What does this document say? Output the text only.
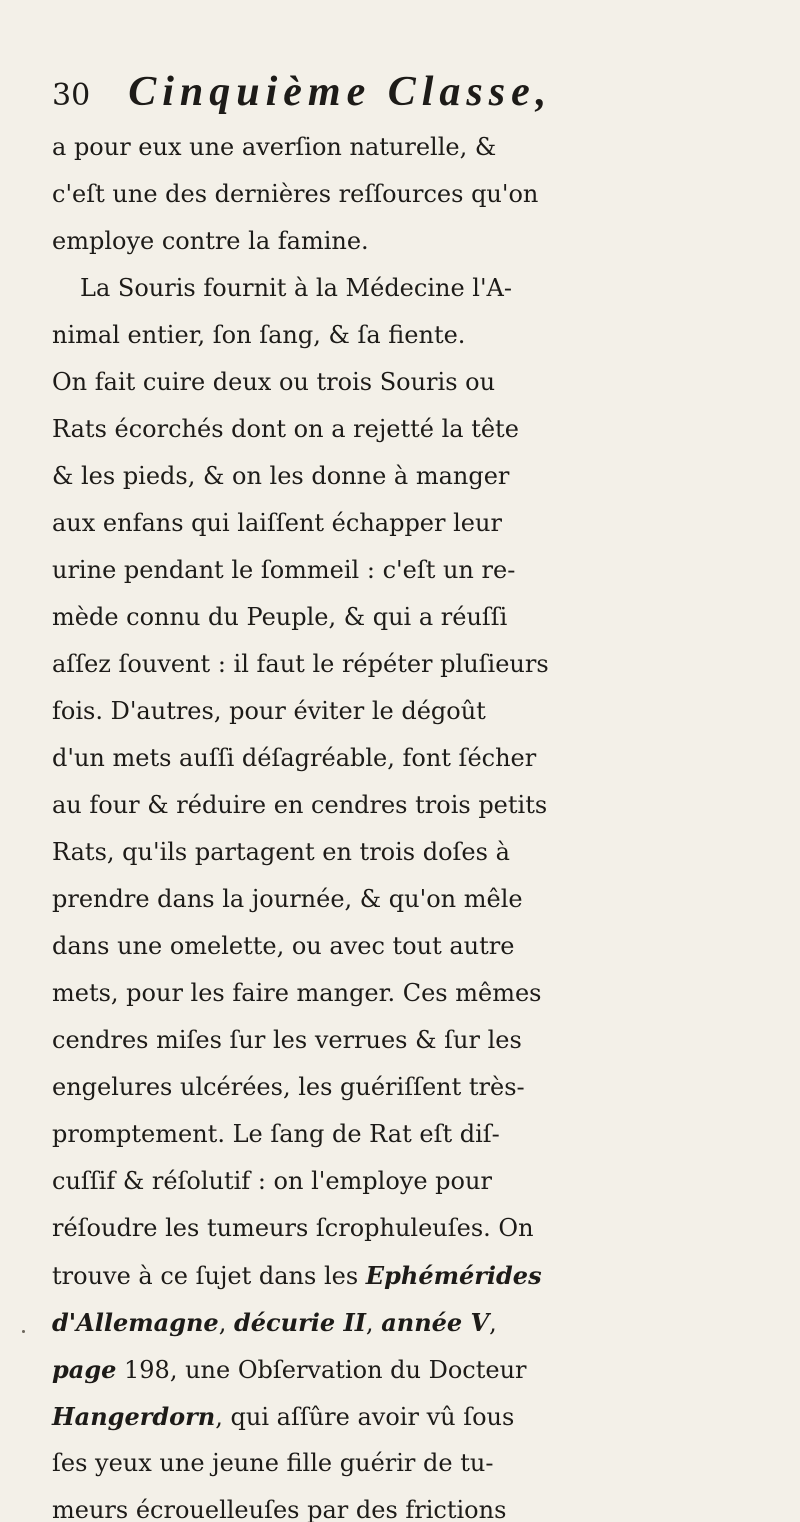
30 Cinquième Classe,
a pour eux une averſion naturelle, &
c'eſt une des dernières reſſources qu'on
employe contre la famine.
La Souris fournit à la Médecine l'A-
nimal entier, ſon ſang, & ſa fiente.
On fait cuire deux ou trois Souris ou
Rats écorchés dont on a rejetté la tête
& les pieds, & on les donne à manger
aux enfans qui laiſſent échapper leur
urine pendant le ſommeil : c'eſt un re-
mède connu du Peuple, & qui a réuſſi
aſſez ſouvent : il faut le répéter pluſieurs
fois. D'autres, pour éviter le dégoût
d'un mets auſſi déſagréable, font ſécher
au four & réduire en cendres trois petits
Rats, qu'ils partagent en trois doſes à
prendre dans la journée, & qu'on mêle
dans une omelette, ou avec tout autre
mets, pour les faire manger. Ces mêmes
cendres miſes ſur les verrues & ſur les
engelures ulcérées, les guériſſent très-
promptement. Le ſang de Rat eſt diſ-
cuſſif & réſolutif : on l'employe pour
réſoudre les tumeurs ſcrophuleuſes. On
trouve à ce ſujet dans les Ephémérides
d'Allemagne, décurie II, année V,
page 198, une Obſervation du Docteur
Hangerdorn, qui aſſûre avoir vû ſous
ſes yeux une jeune fille guérir de tu-
meurs écrouelleuſes par des frictions
